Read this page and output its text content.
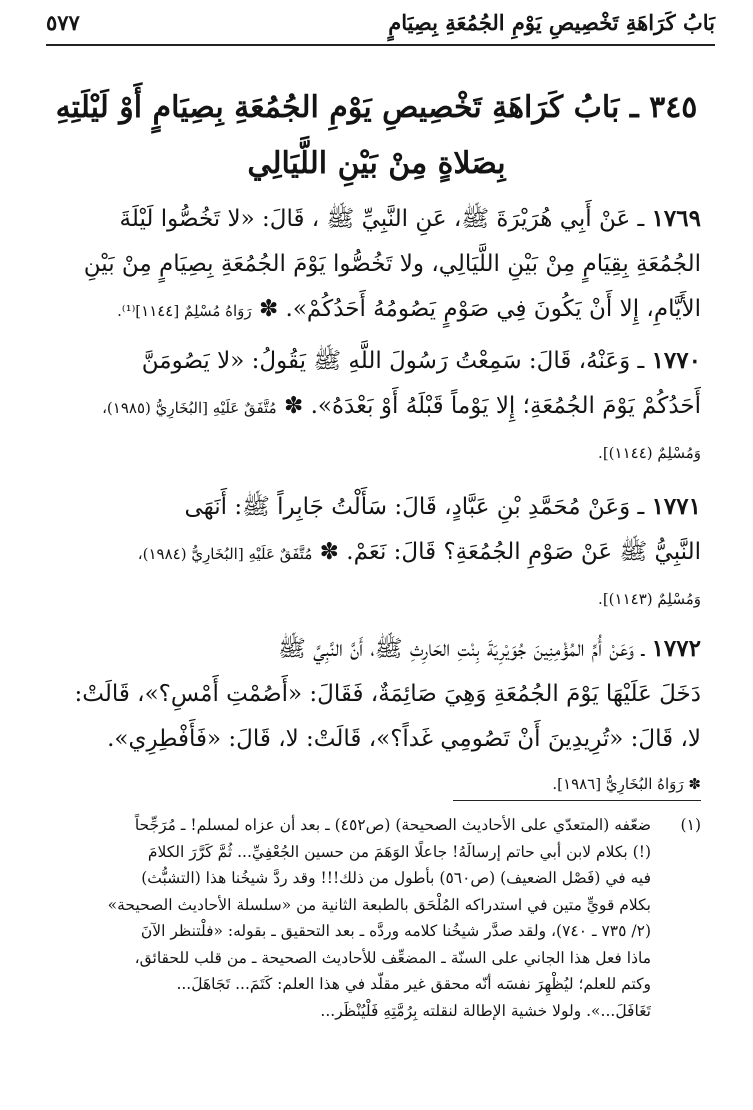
بَابُ كَرَاهَةِ تَخْصِيصِ يَوْمِ الجُمُعَةِ بِصِيَامٍ
٥٧٧
٣٤٥ ـ بَابُ كَرَاهَةِ تَخْصِيصِ يَوْمِ الجُمُعَةِ بِصِيَامٍ أَوْ لَيْلَتِهِ
بِصَلاةٍ مِنْ بَيْنِ اللَّيَالِي
١٧٦٩ ـ عَنْ أَبِي هُرَيْرَةَ ﷺ، عَنِ النَّبِيِّ ﷺ ، قَالَ: «لا تَخُصُّوا لَيْلَةَ
الجُمُعَةِ بِقِيَامٍ مِنْ بَيْنِ اللَّيَالِي، ولا تَخُصُّوا يَوْمَ الجُمُعَةِ بِصِيَامٍ مِنْ بَيْنِ
الأَيَّامِ، إِلا أَنْ يَكُونَ فِي صَوْمٍ يَصُومُهُ أَحَدُكُمْ». ✽ رَوَاهُ مُسْلِمٌ [١١٤٤]⁽¹⁾.
١٧٧٠ ـ وَعَنْهُ، قَالَ: سَمِعْتُ رَسُولَ اللَّهِ ﷺ يَقُولُ: «لا يَصُومَنَّ
أَحَدُكُمْ يَوْمَ الجُمُعَةِ؛ إِلا يَوْماً قَبْلَهُ أَوْ بَعْدَهُ». ✽ مُتَّفَقٌ عَلَيْهِ [البُخَارِيُّ (١٩٨٥)،
وَمُسْلِمٌ (١١٤٤)].
١٧٧١ ـ وَعَنْ مُحَمَّدِ بْنِ عَبَّادٍ، قَالَ: سَأَلْتُ جَابِراً ﷺ: أَنَهَى
النَّبِيُّ ﷺ عَنْ صَوْمِ الجُمُعَةِ؟ قَالَ: نَعَمْ. ✽ مُتَّفَقٌ عَلَيْهِ [البُخَارِيُّ (١٩٨٤)،
وَمُسْلِمٌ (١١٤٣)].
١٧٧٢ ـ وَعَنْ أُمِّ المُؤْمِنِينَ جُوَيْرِيَةَ بِنْتِ الحَارِثِ ﷺ، أَنَّ النَّبِيَّ ﷺ
دَخَلَ عَلَيْهَا يَوْمَ الجُمُعَةِ وَهِيَ صَائِمَةٌ، فَقَالَ: «أَصُمْتِ أَمْسِ؟»، قَالَتْ:
لا، قَالَ: «تُرِيدِينَ أَنْ تَصُومِي غَداً؟»، قَالَتْ: لا، قَالَ: «فَأَفْطِرِي».
✽ رَوَاهُ البُخَارِيُّ [١٩٨٦].
(١)
ضعّفه (المتعدّي على الأحاديث الصحيحة) (ص٤٥٢) ـ بعد أن عزاه لمسلم! ـ مُرَجِّحاً
(!) بكلام لابن أبي حاتم إرسالَهُ! جاعلًا الوَهَمَ من حسين الجُعْفِيِّ... ثُمَّ كَرَّرَ الكلامَ
فيه في (فَصْل الضعيف) (ص٥٦٠) بأطول من ذلك!!! وقد ردَّ شيخُنا هذا (التشبُّث)
بكلام قويٍّ متين في استدراكه المُلْحَق بالطبعة الثانية من «سلسلة الأحاديث الصحيحة»
(٢/ ٧٣٥ ـ ٧٤٠)، ولقد صدَّر شيخُنا كلامه وردَّه ـ بعد التحقيق ـ بقوله: «فلْتنظر الآنَ
ماذا فعل هذا الجاني على السنّة ـ المضعِّف للأحاديث الصحيحة ـ من قلب للحقائق،
وكتم للعلم؛ ليُظْهِرَ نفسَه أنّه محقق غير مقلّد في هذا العلم: كَتَمَ... تَجَاهَلَ...
تَغَافَلَ...». ولولا خشية الإطالة لنقلته بِرُمَّتِهِ فَلْيُنْظَر...
